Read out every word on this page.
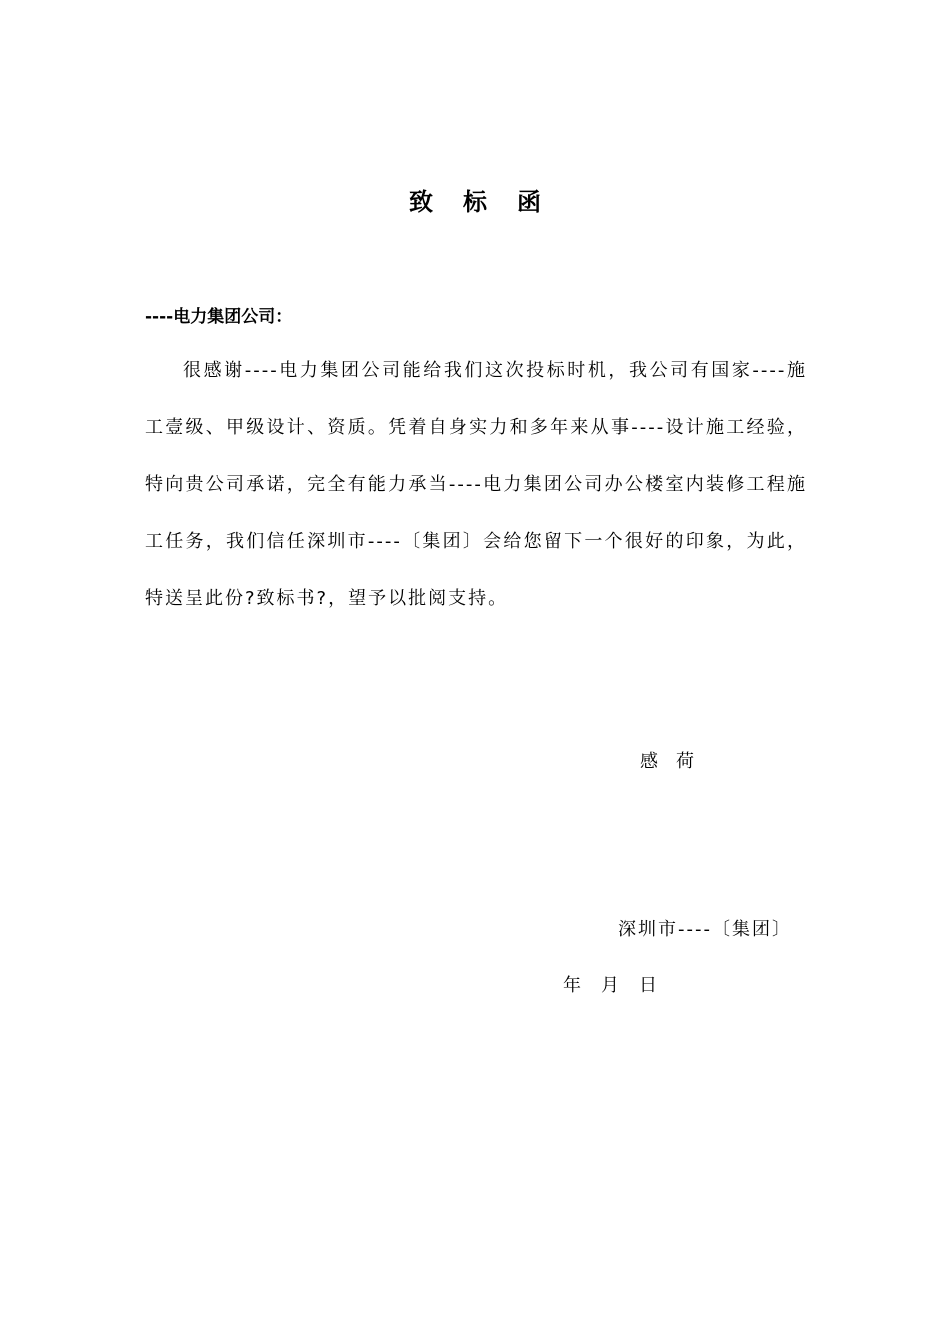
致标函
----电力集团公司：

很感谢----电力集团公司能给我们这次投标时机，我公司有国家----施工壹级、甲级设计、资质。凭着自身实力和多年来从事----设计施工经验，特向贵公司承诺，完全有能力承当----电力集团公司办公楼室内装修工程施工任务，我们信任深圳市----〔集团〕会给您留下一个很好的印象，为此，特送呈此份?致标书?，望予以批阅支持。

感荷
深圳市----〔集团〕
年月日
